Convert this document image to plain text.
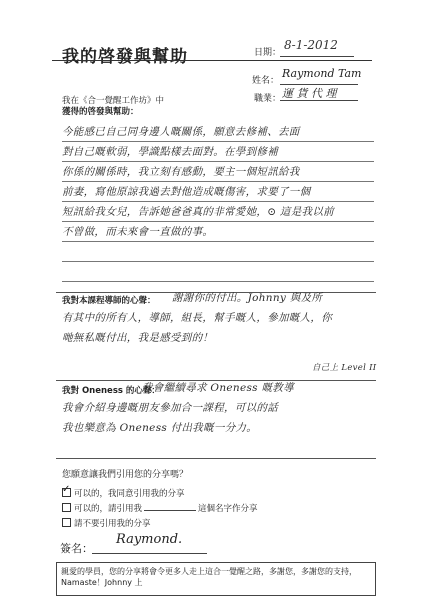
我的啓發與幫助	日期：
8-1-2012
姓名：
Raymond Tam
職業： 運 貨 代 理
我在《合一覺醒工作坊》中
獲得的啓發與幫助：
今能感已自己同身邊人嘅關係，願意去修補、去面
對自己嘅軟弱，學識點樣去面對。在學到修補
你係的關係時，我立刻有感動，要主一個短訊給我
前妻，寫他原諒我過去對他造成嘅傷害，求要了一個
短訊給我女兒，告訴她爸爸真的非常愛她，⊙ 這是我以前
不曾做，而未來會一直做的事。
我對本課程導師的心聲：	謝謝你的付出。Johnny 與及所
有其中的所有人，導師，組長，幫手嘅人，參加嘅人，你
哋無私嘅付出，我是感受到的！
自己上 Level II
我對 Oneness 的心聲：
我會繼續尋求 Oneness 嘅教導
我會介紹身邊嘅朋友參加合一課程，可以的話
我也樂意為 Oneness 付出我嘅一分力。
您願意讓我們引用您的分享嗎？
✓可以的，我同意引用我的分享
可以的，請引用我	這個名字作分享
請不要引用我的分享
簽名：
Raymond.
親愛的學員，您的分享將會令更多人走上這合一覺醒之路，多謝您，多謝您的支持，
Namaste！Johnny 上
